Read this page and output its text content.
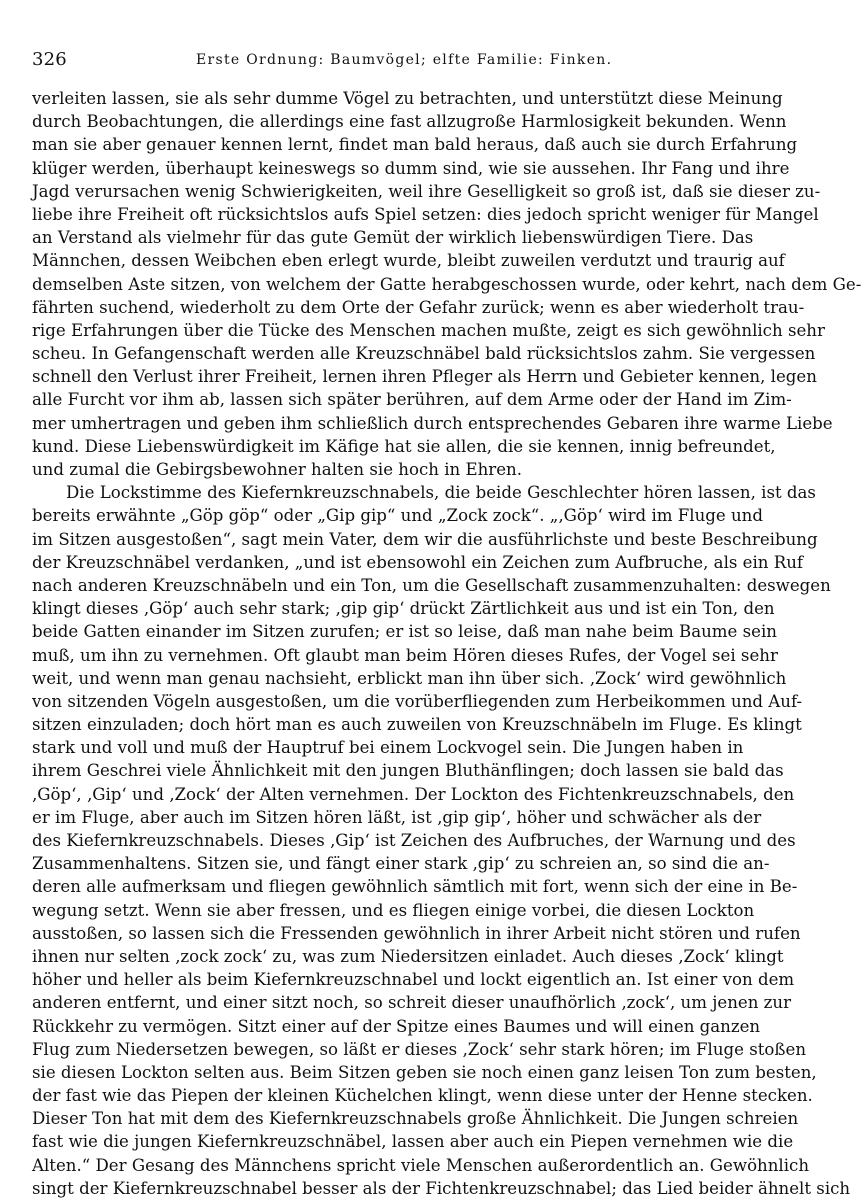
326	Erste Ordnung: Baumvögel; elfte Familie: Finken.
verleiten lassen, sie als sehr dumme Vögel zu betrachten, und unterstützt diese Meinung
durch Beobachtungen, die allerdings eine fast allzugroße Harmlosigkeit bekunden. Wenn
man sie aber genauer kennen lernt, findet man bald heraus, daß auch sie durch Erfahrung
klüger werden, überhaupt keineswegs so dumm sind, wie sie aussehen. Ihr Fang und ihre
Jagd verursachen wenig Schwierigkeiten, weil ihre Geselligkeit so groß ist, daß sie dieser zu-
liebe ihre Freiheit oft rücksichtslos aufs Spiel setzen: dies jedoch spricht weniger für Mangel
an Verstand als vielmehr für das gute Gemüt der wirklich liebenswürdigen Tiere. Das
Männchen, dessen Weibchen eben erlegt wurde, bleibt zuweilen verdutzt und traurig auf
demselben Aste sitzen, von welchem der Gatte herabgeschossen wurde, oder kehrt, nach dem Ge-
fährten suchend, wiederholt zu dem Orte der Gefahr zurück; wenn es aber wiederholt trau-
rige Erfahrungen über die Tücke des Menschen machen mußte, zeigt es sich gewöhnlich sehr
scheu. In Gefangenschaft werden alle Kreuzschnäbel bald rücksichtslos zahm. Sie vergessen
schnell den Verlust ihrer Freiheit, lernen ihren Pfleger als Herrn und Gebieter kennen, legen
alle Furcht vor ihm ab, lassen sich später berühren, auf dem Arme oder der Hand im Zim-
mer umhertragen und geben ihm schließlich durch entsprechendes Gebaren ihre warme Liebe
kund. Diese Liebenswürdigkeit im Käfige hat sie allen, die sie kennen, innig befreundet,
und zumal die Gebirgsbewohner halten sie hoch in Ehren.
Die Lockstimme des Kiefernkreuzschnabels, die beide Geschlechter hören lassen, ist das
bereits erwähnte „Göp göp“ oder „Gip gip“ und „Zock zock“. „‚Göp‘ wird im Fluge und
im Sitzen ausgestoßen“, sagt mein Vater, dem wir die ausführlichste und beste Beschreibung
der Kreuzschnäbel verdanken, „und ist ebensowohl ein Zeichen zum Aufbruche, als ein Ruf
nach anderen Kreuzschnäbeln und ein Ton, um die Gesellschaft zusammenzuhalten: deswegen
klingt dieses ‚Göp‘ auch sehr stark; ‚gip gip‘ drückt Zärtlichkeit aus und ist ein Ton, den
beide Gatten einander im Sitzen zurufen; er ist so leise, daß man nahe beim Baume sein
muß, um ihn zu vernehmen. Oft glaubt man beim Hören dieses Rufes, der Vogel sei sehr
weit, und wenn man genau nachsieht, erblickt man ihn über sich. ‚Zock‘ wird gewöhnlich
von sitzenden Vögeln ausgestoßen, um die vorüberfliegenden zum Herbeikommen und Auf-
sitzen einzuladen; doch hört man es auch zuweilen von Kreuzschnäbeln im Fluge. Es klingt
stark und voll und muß der Hauptruf bei einem Lockvogel sein. Die Jungen haben in
ihrem Geschrei viele Ähnlichkeit mit den jungen Bluthänflingen; doch lassen sie bald das
‚Göp‘, ‚Gip‘ und ‚Zock‘ der Alten vernehmen. Der Lockton des Fichtenkreuzschnabels, den
er im Fluge, aber auch im Sitzen hören läßt, ist ‚gip gip‘, höher und schwächer als der
des Kiefernkreuzschnabels. Dieses ‚Gip‘ ist Zeichen des Aufbruches, der Warnung und des
Zusammenhaltens. Sitzen sie, und fängt einer stark ‚gip‘ zu schreien an, so sind die an-
deren alle aufmerksam und fliegen gewöhnlich sämtlich mit fort, wenn sich der eine in Be-
wegung setzt. Wenn sie aber fressen, und es fliegen einige vorbei, die diesen Lockton
ausstoßen, so lassen sich die Fressenden gewöhnlich in ihrer Arbeit nicht stören und rufen
ihnen nur selten ‚zock zock‘ zu, was zum Niedersitzen einladet. Auch dieses ‚Zock‘ klingt
höher und heller als beim Kiefernkreuzschnabel und lockt eigentlich an. Ist einer von dem
anderen entfernt, und einer sitzt noch, so schreit dieser unaufhörlich ‚zock‘, um jenen zur
Rückkehr zu vermögen. Sitzt einer auf der Spitze eines Baumes und will einen ganzen
Flug zum Niedersetzen bewegen, so läßt er dieses ‚Zock‘ sehr stark hören; im Fluge stoßen
sie diesen Lockton selten aus. Beim Sitzen geben sie noch einen ganz leisen Ton zum besten,
der fast wie das Piepen der kleinen Küchelchen klingt, wenn diese unter der Henne stecken.
Dieser Ton hat mit dem des Kiefernkreuzschnabels große Ähnlichkeit. Die Jungen schreien
fast wie die jungen Kiefernkreuzschnäbel, lassen aber auch ein Piepen vernehmen wie die
Alten.“ Der Gesang des Männchens spricht viele Menschen außerordentlich an. Gewöhnlich
singt der Kiefernkreuzschnabel besser als der Fichtenkreuzschnabel; das Lied beider ähnelt sich
